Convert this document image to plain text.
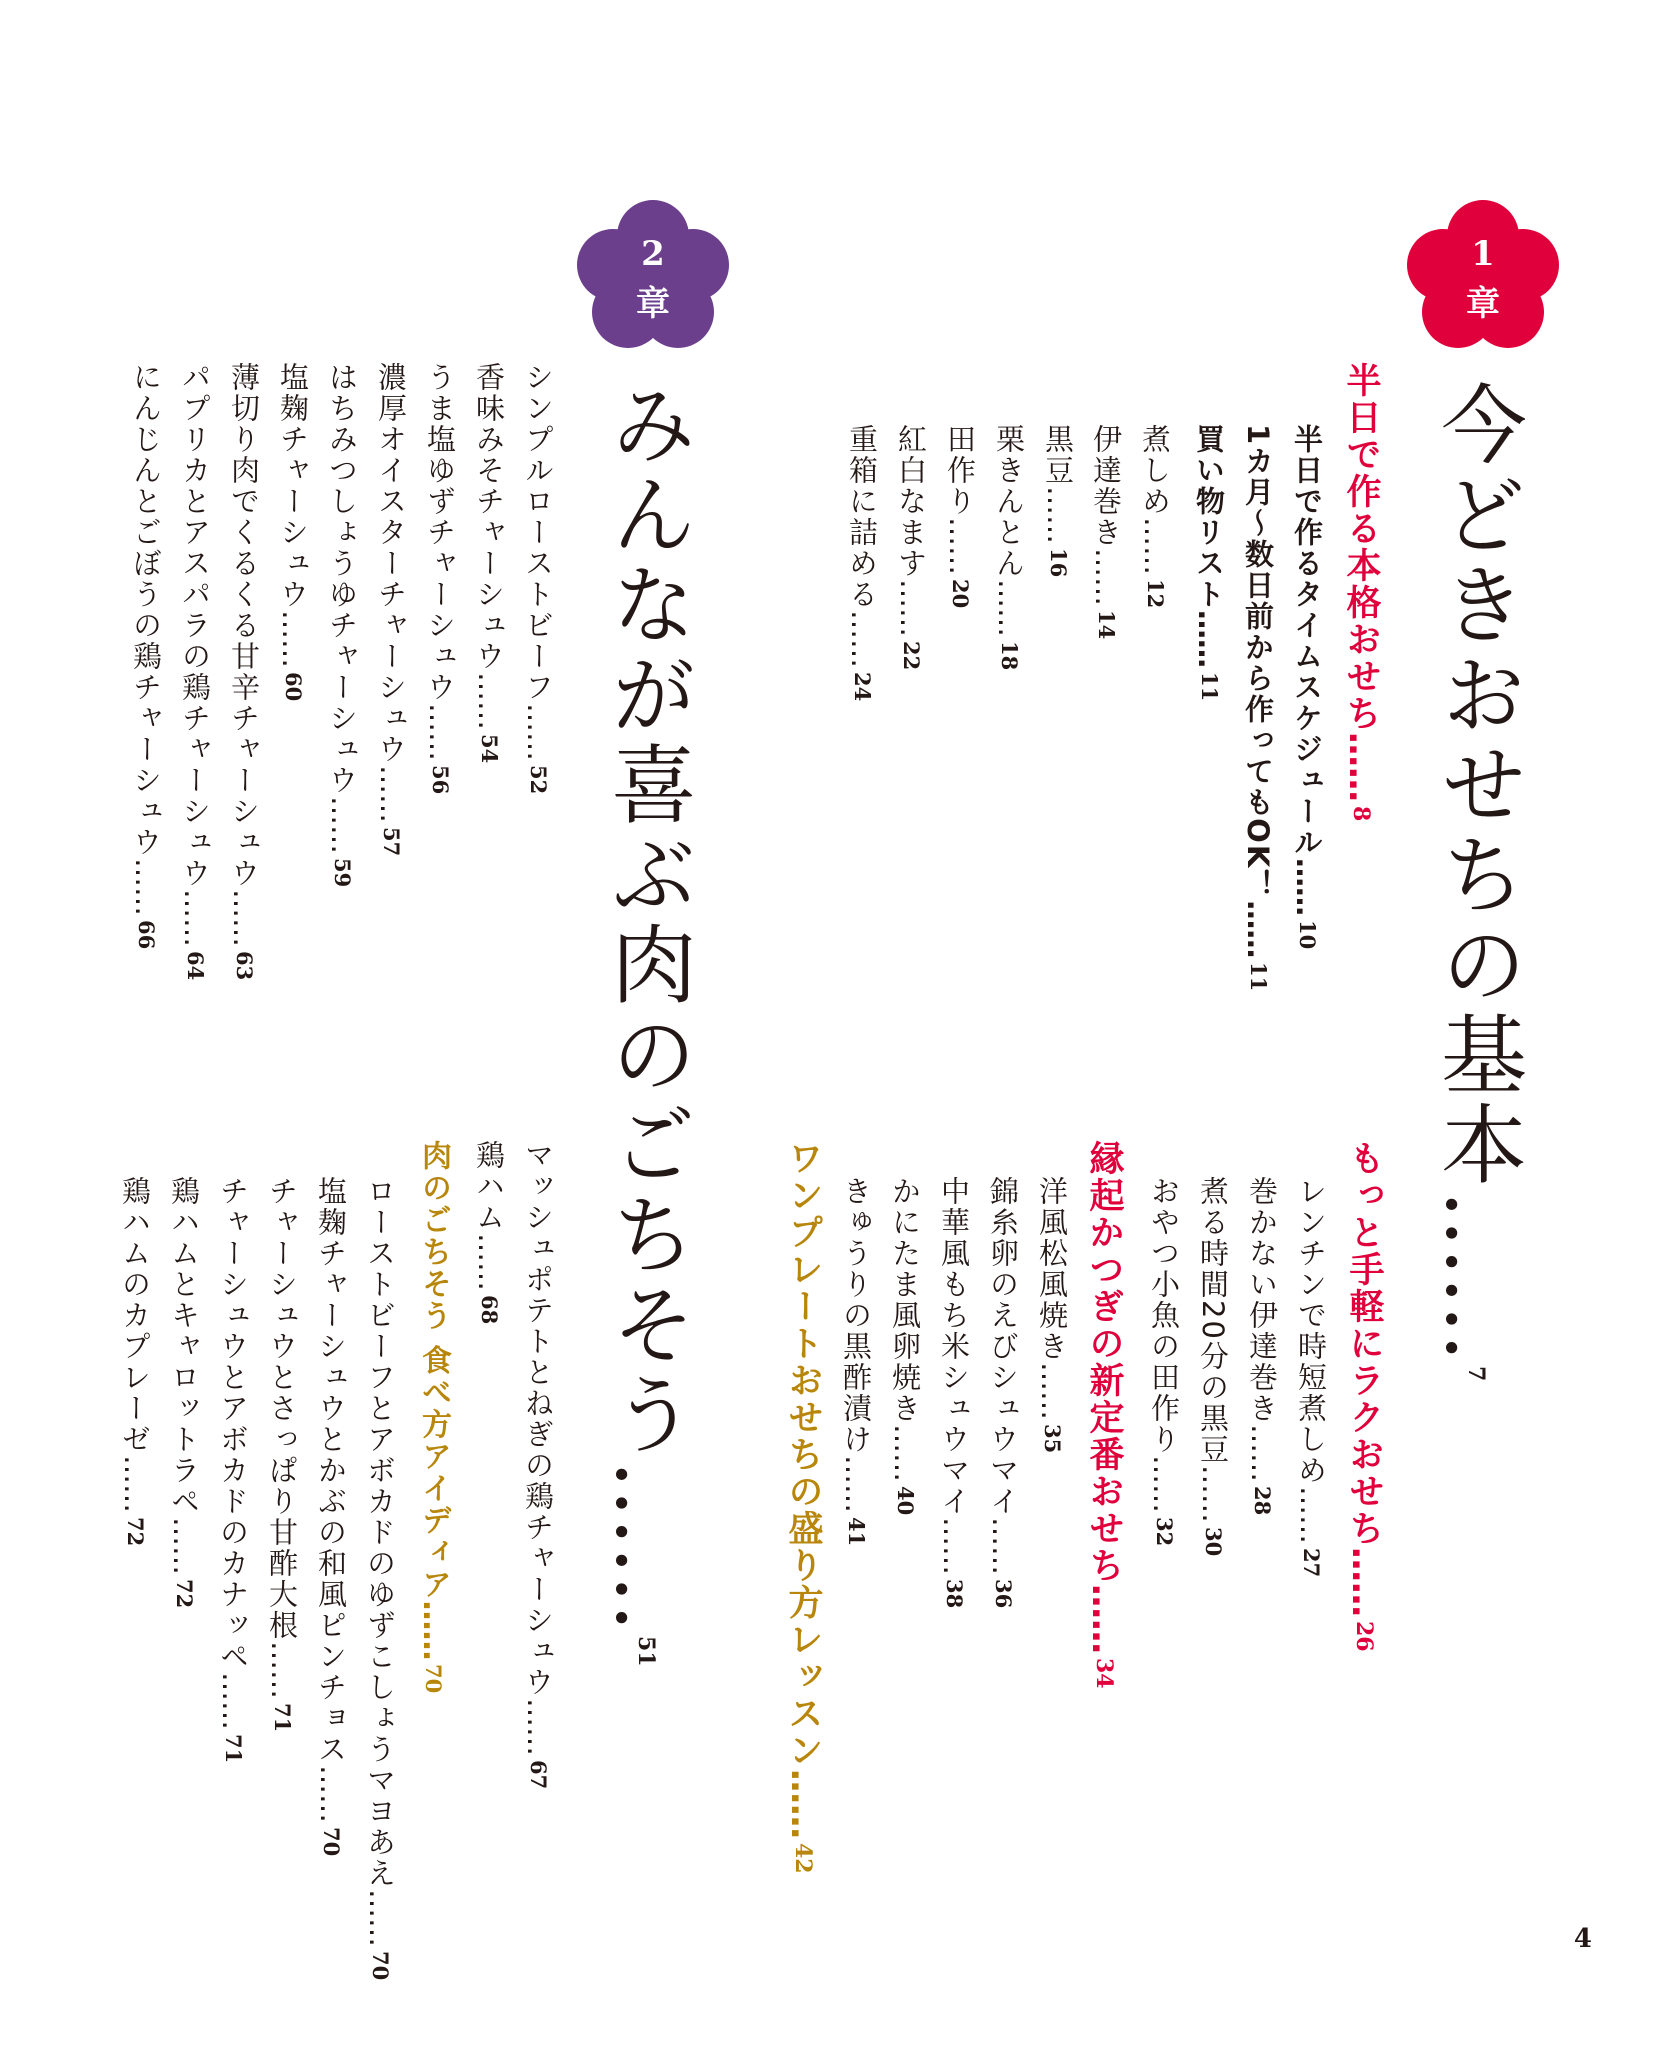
1
章
2
章
今どきおせちの基本……7
半日で作る本格おせち……8
半日で作るタイムスケジュール……10
1カ月～数日前から作ってもOK！……11
買い物リスト……11
煮しめ……12
伊達巻き……14
黒豆……16
栗きんとん……18
田作り……20
紅白なます……22
重箱に詰める……24
もっと手軽にラクおせち……26
レンチンで時短煮しめ……27
巻かない伊達巻き……28
煮る時間20分の黒豆……30
おやつ小魚の田作り……32
縁起かつぎの新定番おせち……34
洋風松風焼き……35
錦糸卵のえびシュウマイ……36
中華風もち米シュウマイ……38
かにたま風卵焼き……40
きゅうりの黒酢漬け……41
ワンプレートおせちの盛り方レッスン……42
みんなが喜ぶ肉のごちそう……51
シンプルローストビーフ……52
香味みそチャーシュウ……54
うま塩ゆずチャーシュウ……56
濃厚オイスターチャーシュウ……57
はちみつしょうゆチャーシュウ……59
塩麹チャーシュウ……60
薄切り肉でくるくる甘辛チャーシュウ……63
パプリカとアスパラの鶏チャーシュウ……64
にんじんとごぼうの鶏チャーシュウ……66
マッシュポテトとねぎの鶏チャーシュウ……67
鶏ハム……68
肉のごちそう 食べ方アイディア……70
ローストビーフとアボカドのゆずこしょうマヨあえ……70
塩麹チャーシュウとかぶの和風ピンチョス……70
チャーシュウとさっぱり甘酢大根……71
チャーシュウとアボカドのカナッペ……71
鶏ハムとキャロットラペ……72
鶏ハムのカプレーゼ……72
4
